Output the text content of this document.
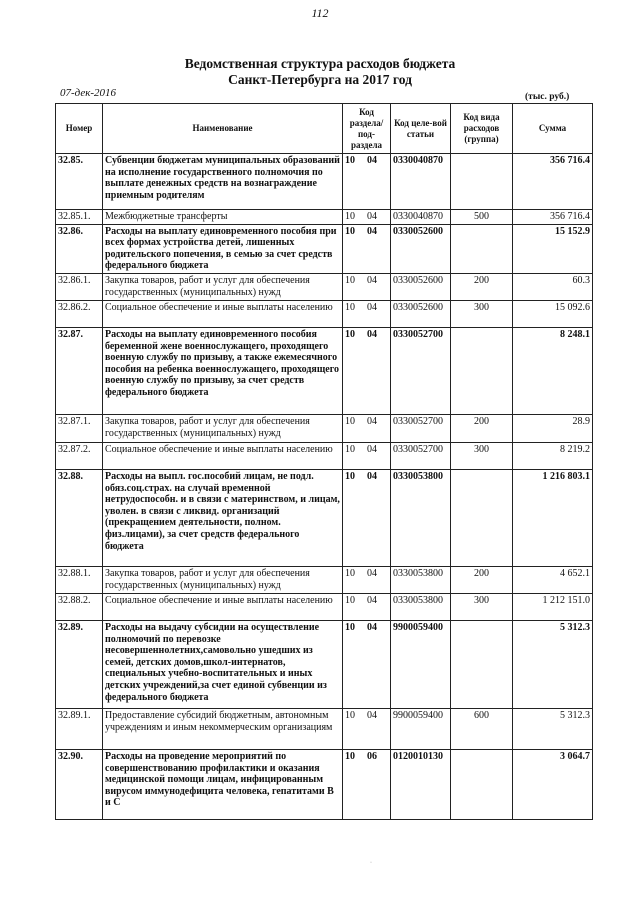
112
Ведомственная структура расходов бюджета
Санкт-Петербурга на 2017 год
07-дек-2016	(тыс. руб.)
Номер	Наименование	Код раздела/ под-раздела	Код целе-вой статьи	Код вида расходов (группа)	Сумма
32.85.	Субвенции бюджетам муниципальных образований на исполнение государственного полномочия по выплате денежных средств на вознаграждение приемным родителям	10 04	0330040870		356 716.4
32.85.1.	Межбюджетные трансферты	10 04	0330040870	500	356 716.4
32.86.	Расходы на выплату единовременного пособия при всех формах устройства детей, лишенных родительского попечения, в семью за счет средств федерального бюджета	10 04	0330052600		15 152.9
32.86.1.	Закупка товаров, работ и услуг для обеспечения государственных (муниципальных) нужд	10 04	0330052600	200	60.3
32.86.2.	Социальное обеспечение и иные выплаты населению	10 04	0330052600	300	15 092.6
32.87.	Расходы на выплату единовременного пособия беременной жене военнослужащего, проходящего военную службу по призыву, а также ежемесячного пособия на ребенка военнослужащего, проходящего военную службу по призыву, за счет средств федерального бюджета	10 04	0330052700		8 248.1
32.87.1.	Закупка товаров, работ и услуг для обеспечения государственных (муниципальных) нужд	10 04	0330052700	200	28.9
32.87.2.	Социальное обеспечение и иные выплаты населению	10 04	0330052700	300	8 219.2
32.88.	Расходы на выпл. гос.пособий лицам, не подл. обяз.соц.страх. на случай временной нетрудоспособн. и в связи с материнством, и лицам, уволен. в связи с ликвид. организаций (прекращением деятельности, полном. физ.лицами), за счет средств федерального бюджета	10 04	0330053800		1 216 803.1
32.88.1.	Закупка товаров, работ и услуг для обеспечения государственных (муниципальных) нужд	10 04	0330053800	200	4 652.1
32.88.2.	Социальное обеспечение и иные выплаты населению	10 04	0330053800	300	1 212 151.0
32.89.	Расходы на выдачу субсидии на осуществление полномочий по перевозке несовершеннолетних,самовольно ушедших из семей, детских домов,школ-интернатов, специальных учебно-воспитательных и иных детских учреждений,за счет единой субвенции из федерального бюджета	10 04	9900059400		5 312.3
32.89.1.	Предоставление субсидий бюджетным, автономным учреждениям и иным некоммерческим организациям	10 04	9900059400	600	5 312.3
32.90.	Расходы на проведение мероприятий по совершенствованию профилактики и оказания медицинской помощи лицам, инфицированным вирусом иммунодефицита человека, гепатитами В и С	10 06	0120010130		3 064.7
·
